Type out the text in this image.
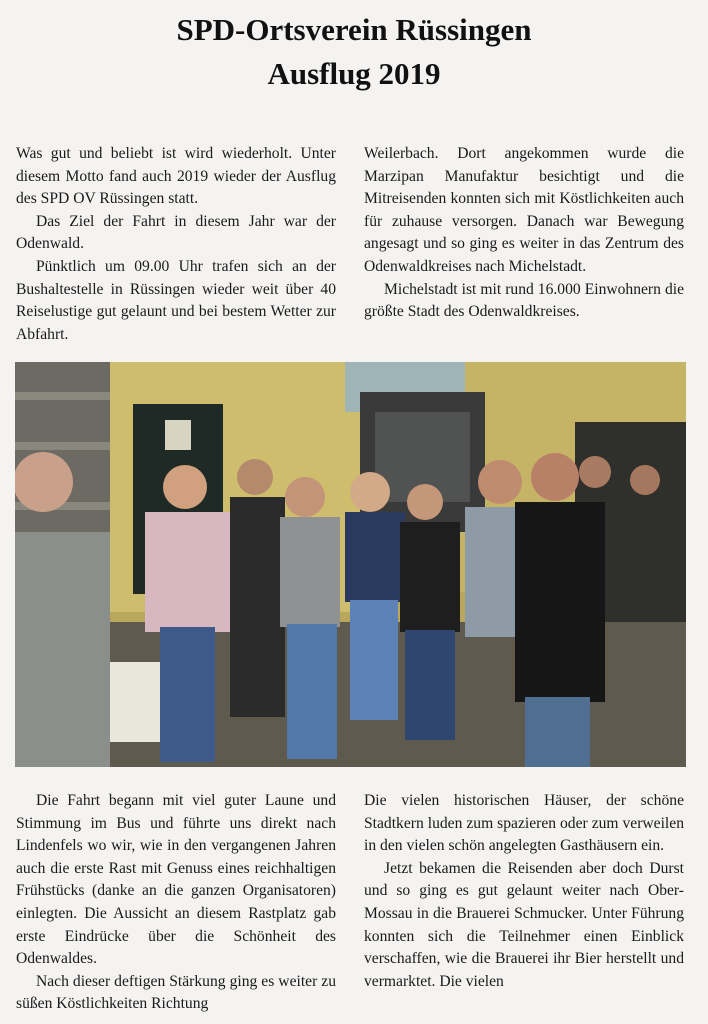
SPD-Ortsverein Rüssingen
Ausflug 2019

Was gut und beliebt ist wird wiederholt. Unter diesem Motto fand auch 2019 wieder der Ausflug des SPD OV Rüssingen statt.

Das Ziel der Fahrt in diesem Jahr war der Odenwald.

Pünktlich um 09.00 Uhr trafen sich an der Bushaltestelle in Rüssingen wieder weit über 40 Reiselustige gut gelaunt und bei bestem Wetter zur Abfahrt.

Weilerbach. Dort angekommen wurde die Marzipan Manufaktur besichtigt und die Mitreisenden konnten sich mit Köstlichkeiten auch für zuhause versorgen. Danach war Bewegung angesagt und so ging es weiter in das Zentrum des Odenwaldkreises nach Michelstadt.

Michelstadt ist mit rund 16.000 Einwohnern die größte Stadt des Odenwaldkreises.

Die Fahrt begann mit viel guter Laune und Stimmung im Bus und führte uns direkt nach Lindenfels wo wir, wie in den vergangenen Jahren auch die erste Rast mit Genuss eines reichhaltigen Frühstücks (danke an die ganzen Organisatoren) einlegten. Die Aussicht an diesem Rastplatz gab erste Eindrücke über die Schönheit des Odenwaldes.

Nach dieser deftigen Stärkung ging es weiter zu süßen Köstlichkeiten Richtung

Die vielen historischen Häuser, der schöne Stadtkern luden zum spazieren oder zum verweilen in den vielen schön angelegten Gasthäusern ein.

Jetzt bekamen die Reisenden aber doch Durst und so ging es gut gelaunt weiter nach Ober-Mossau in die Brauerei Schmucker. Unter Führung konnten sich die Teilnehmer einen Einblick verschaffen, wie die Brauerei ihr Bier herstellt und vermarktet. Die vielen
